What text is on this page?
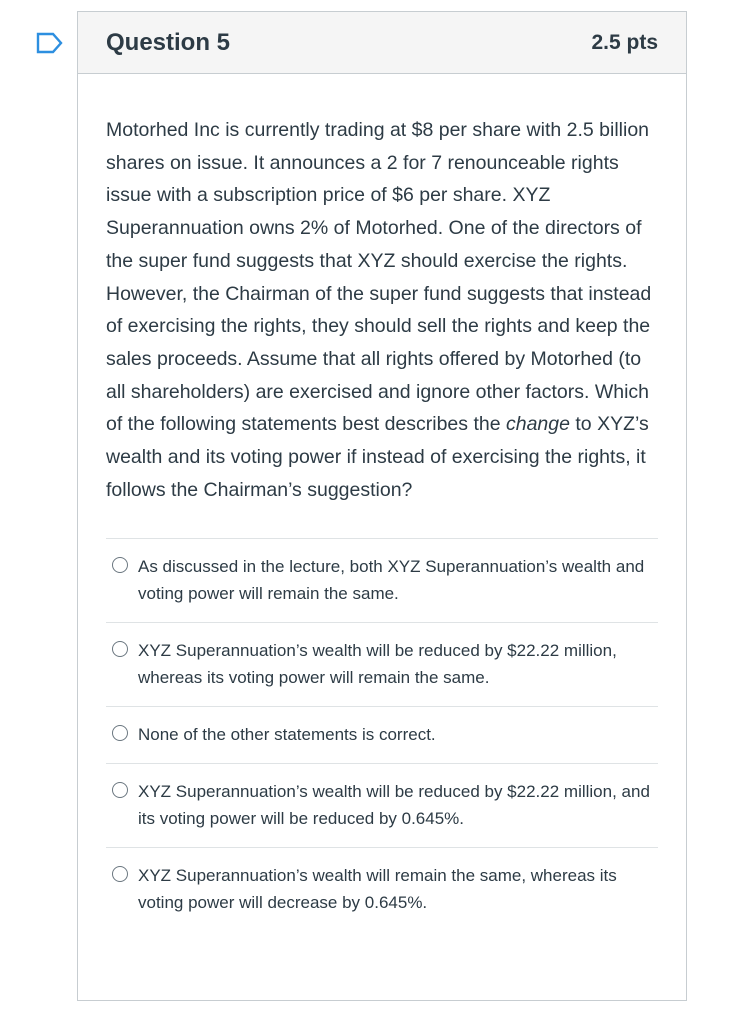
Question 5	2.5 pts

Motorhed Inc is currently trading at $8 per share with 2.5 billion shares on issue. It announces a 2 for 7 renounceable rights issue with a subscription price of $6 per share. XYZ Superannuation owns 2% of Motorhed. One of the directors of the super fund suggests that XYZ should exercise the rights. However, the Chairman of the super fund suggests that instead of exercising the rights, they should sell the rights and keep the sales proceeds. Assume that all rights offered by Motorhed (to all shareholders) are exercised and ignore other factors. Which of the following statements best describes the change to XYZ’s wealth and its voting power if instead of exercising the rights, it follows the Chairman’s suggestion?

As discussed in the lecture, both XYZ Superannuation’s wealth and voting power will remain the same.
XYZ Superannuation’s wealth will be reduced by $22.22 million, whereas its voting power will remain the same.
None of the other statements is correct.
XYZ Superannuation’s wealth will be reduced by $22.22 million, and its voting power will be reduced by 0.645%.
XYZ Superannuation’s wealth will remain the same, whereas its voting power will decrease by 0.645%.
